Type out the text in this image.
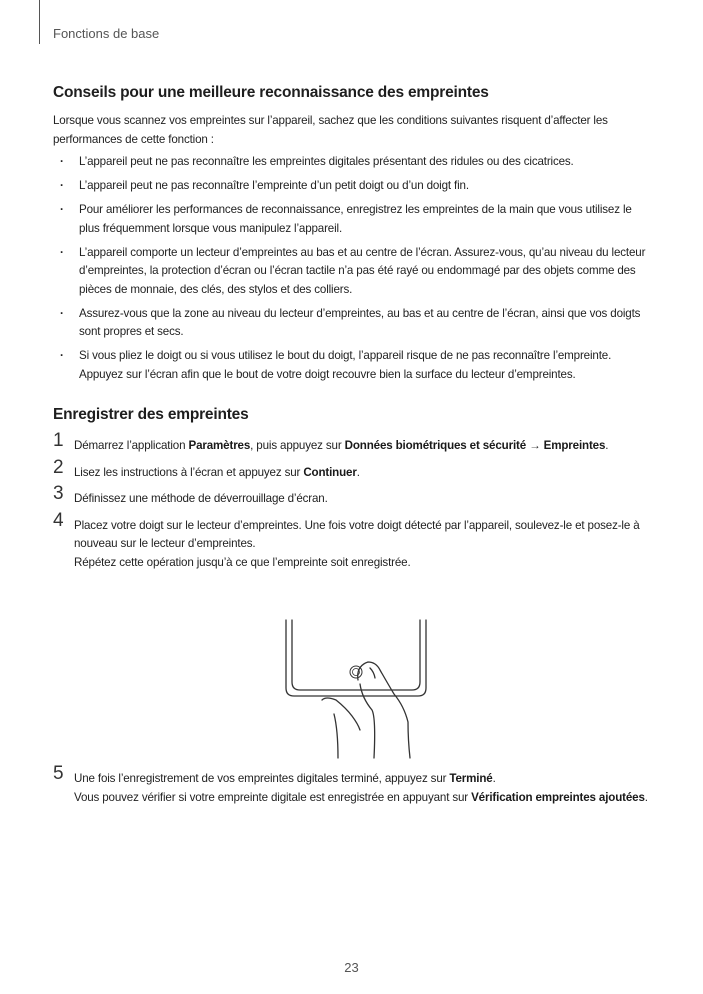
Fonctions de base
Conseils pour une meilleure reconnaissance des empreintes

Lorsque vous scannez vos empreintes sur l’appareil, sachez que les conditions suivantes risquent d’affecter les performances de cette fonction :

· L’appareil peut ne pas reconnaître les empreintes digitales présentant des ridules ou des cicatrices.
· L’appareil peut ne pas reconnaître l’empreinte d’un petit doigt ou d’un doigt fin.
· Pour améliorer les performances de reconnaissance, enregistrez les empreintes de la main que vous utilisez le plus fréquemment lorsque vous manipulez l’appareil.
· L’appareil comporte un lecteur d’empreintes au bas et au centre de l’écran. Assurez-vous, qu’au niveau du lecteur d’empreintes, la protection d’écran ou l’écran tactile n’a pas été rayé ou endommagé par des objets comme des pièces de monnaie, des clés, des stylos et des colliers.
· Assurez-vous que la zone au niveau du lecteur d’empreintes, au bas et au centre de l’écran, ainsi que vos doigts sont propres et secs.
· Si vous pliez le doigt ou si vous utilisez le bout du doigt, l’appareil risque de ne pas reconnaître l’empreinte. Appuyez sur l’écran afin que le bout de votre doigt recouvre bien la surface du lecteur d’empreintes.
Enregistrer des empreintes
1 Démarrez l’application Paramètres, puis appuyez sur Données biométriques et sécurité → Empreintes.
2 Lisez les instructions à l’écran et appuyez sur Continuer.
3 Définissez une méthode de déverrouillage d’écran.
4 Placez votre doigt sur le lecteur d’empreintes. Une fois votre doigt détecté par l’appareil, soulevez-le et posez-le à nouveau sur le lecteur d’empreintes.
Répétez cette opération jusqu’à ce que l’empreinte soit enregistrée.
5 Une fois l’enregistrement de vos empreintes digitales terminé, appuyez sur Terminé.
Vous pouvez vérifier si votre empreinte digitale est enregistrée en appuyant sur Vérification empreintes ajoutées.
23
